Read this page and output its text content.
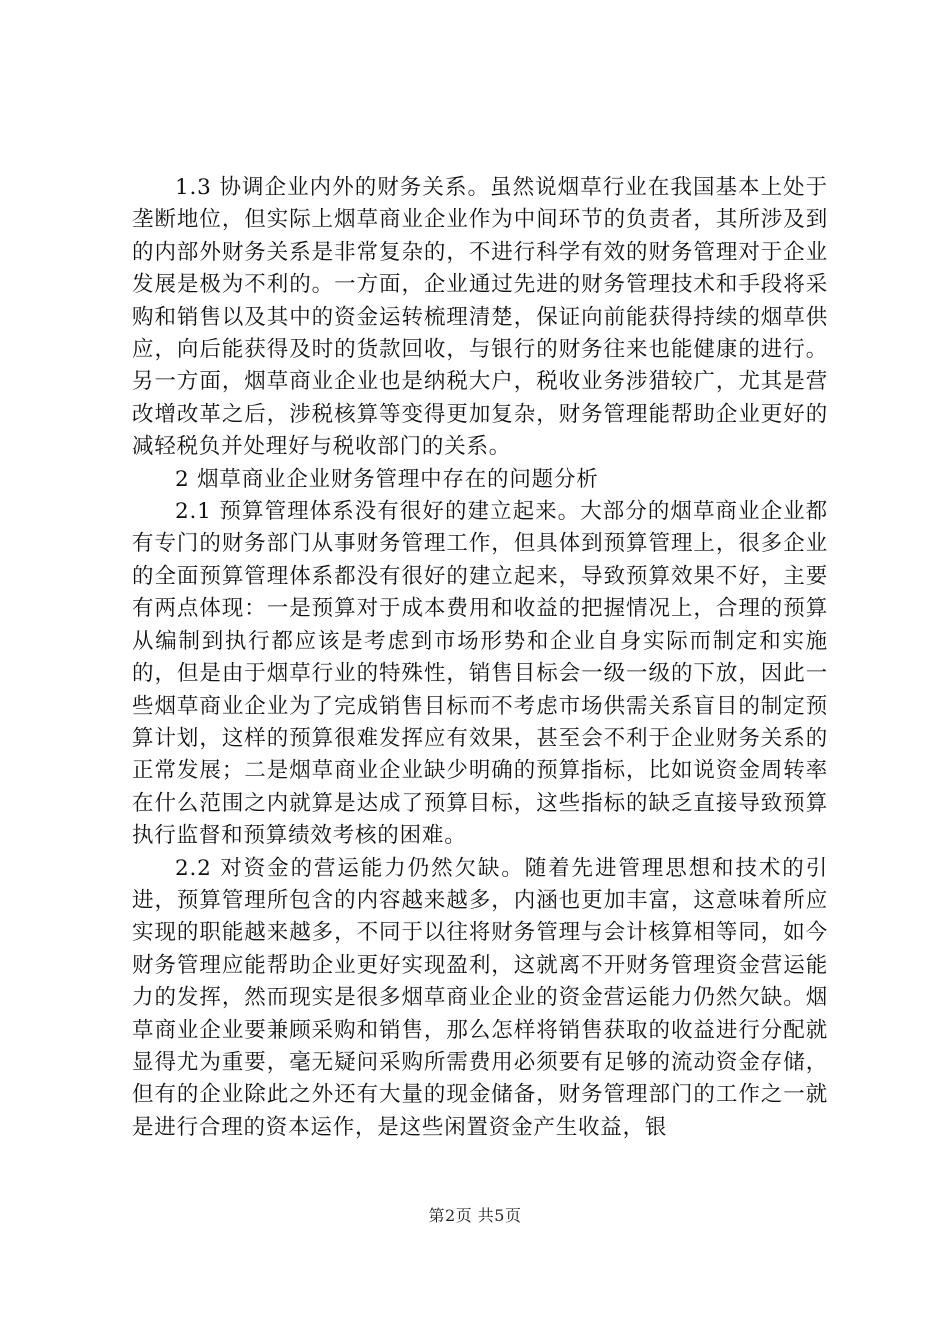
1.3 协调企业内外的财务关系。虽然说烟草行业在我国基本上处于垄断地位，但实际上烟草商业企业作为中间环节的负责者，其所涉及到的内部外财务关系是非常复杂的，不进行科学有效的财务管理对于企业发展是极为不利的。一方面，企业通过先进的财务管理技术和手段将采购和销售以及其中的资金运转梳理清楚，保证向前能获得持续的烟草供应，向后能获得及时的货款回收，与银行的财务往来也能健康的进行。另一方面，烟草商业企业也是纳税大户，税收业务涉猎较广，尤其是营改增改革之后，涉税核算等变得更加复杂，财务管理能帮助企业更好的减轻税负并处理好与税收部门的关系。

2 烟草商业企业财务管理中存在的问题分析

2.1 预算管理体系没有很好的建立起来。大部分的烟草商业企业都有专门的财务部门从事财务管理工作，但具体到预算管理上，很多企业的全面预算管理体系都没有很好的建立起来，导致预算效果不好，主要有两点体现：一是预算对于成本费用和收益的把握情况上，合理的预算从编制到执行都应该是考虑到市场形势和企业自身实际而制定和实施的，但是由于烟草行业的特殊性，销售目标会一级一级的下放，因此一些烟草商业企业为了完成销售目标而不考虑市场供需关系盲目的制定预算计划，这样的预算很难发挥应有效果，甚至会不利于企业财务关系的正常发展；二是烟草商业企业缺少明确的预算指标，比如说资金周转率在什么范围之内就算是达成了预算目标，这些指标的缺乏直接导致预算执行监督和预算绩效考核的困难。

2.2 对资金的营运能力仍然欠缺。随着先进管理思想和技术的引进，预算管理所包含的内容越来越多，内涵也更加丰富，这意味着所应实现的职能越来越多，不同于以往将财务管理与会计核算相等同，如今财务管理应能帮助企业更好实现盈利，这就离不开财务管理资金营运能力的发挥，然而现实是很多烟草商业企业的资金营运能力仍然欠缺。烟草商业企业要兼顾采购和销售，那么怎样将销售获取的收益进行分配就显得尤为重要，毫无疑问采购所需费用必须要有足够的流动资金存储，但有的企业除此之外还有大量的现金储备，财务管理部门的工作之一就是进行合理的资本运作，是这些闲置资金产生收益，银

第2页 共5页
